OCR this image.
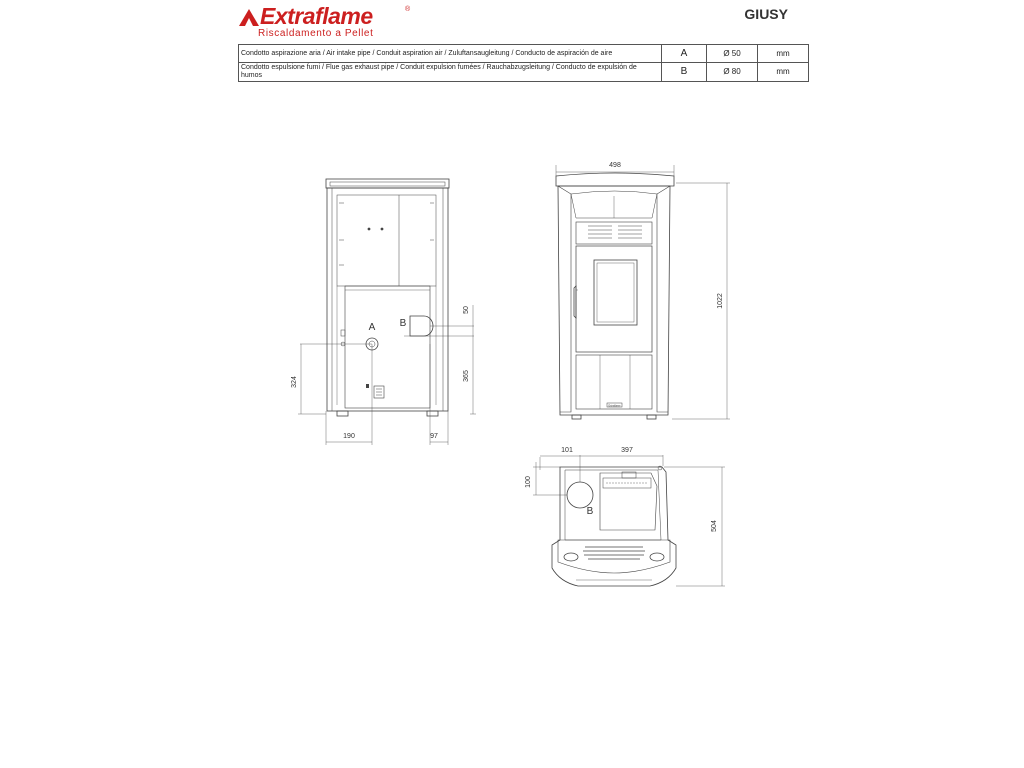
Extraflame	®
Riscaldamento a Pellet
GIUSY
Condotto aspirazione aria / Air intake pipe / Conduit aspiration air / Zuluftansaugleitung / Conducto de aspiración de aire	A	Ø 50	mm
Condotto espulsione fumi / Flue gas exhaust pipe / Conduit expulsion fumées / Rauchabzugsleitung / Conducto de expulsión de humos	B	Ø 80	mm
A B
50
365
324
190	97
498
1022
Extraflame
101	397
100
504
B
